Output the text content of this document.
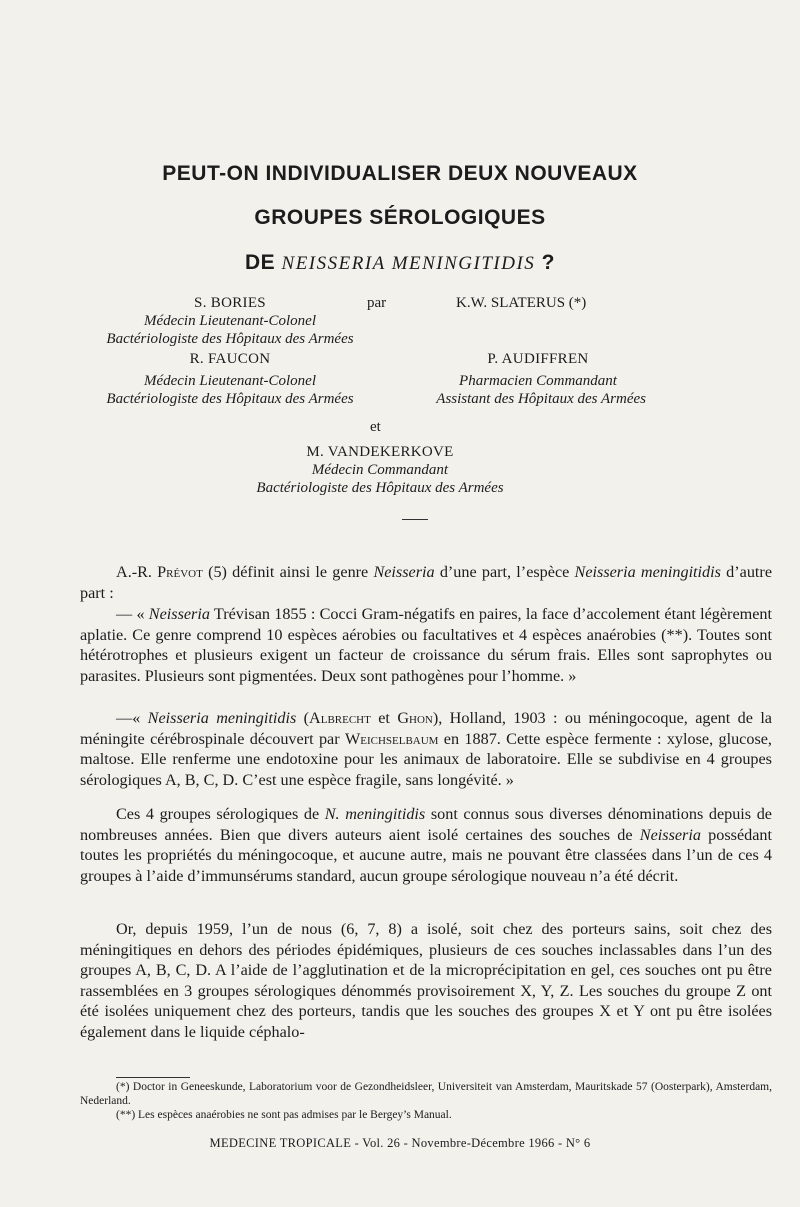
PEUT-ON INDIVIDUALISER DEUX NOUVEAUX
GROUPES SÉROLOGIQUES
DE NEISSERIA MENINGITIDIS ?
S. BORIES
Médecin Lieutenant-Colonel
Bactériologiste des Hôpitaux des Armées
par	K.W. SLATERUS (*)
R. FAUCON
Médecin Lieutenant-Colonel
Bactériologiste des Hôpitaux des Armées
P. AUDIFFREN
Pharmacien Commandant
Assistant des Hôpitaux des Armées
et
M. VANDEKERKOVE
Médecin Commandant
Bactériologiste des Hôpitaux des Armées

A.-R. Prévot (5) définit ainsi le genre Neisseria d’une part, l’espèce Neisseria meningitidis d’autre part :

— « Neisseria Trévisan 1855 : Cocci Gram-négatifs en paires, la face d’accolement étant légèrement aplatie. Ce genre comprend 10 espèces aérobies ou facultatives et 4 espèces anaérobies (**). Toutes sont hétérotrophes et plusieurs exigent un facteur de croissance du sérum frais. Elles sont saprophytes ou parasites. Plusieurs sont pigmentées. Deux sont pathogènes pour l’homme. »

—« Neisseria meningitidis (Albrecht et Ghon), Holland, 1903 : ou méningocoque, agent de la méningite cérébrospinale découvert par Weichselbaum en 1887. Cette espèce fermente : xylose, glucose, maltose. Elle renferme une endotoxine pour les animaux de laboratoire. Elle se subdivise en 4 groupes sérologiques A, B, C, D. C’est une espèce fragile, sans longévité. »

Ces 4 groupes sérologiques de N. meningitidis sont connus sous diverses dénominations depuis de nombreuses années. Bien que divers auteurs aient isolé certaines des souches de Neisseria possédant toutes les propriétés du méningocoque, et aucune autre, mais ne pouvant être classées dans l’un de ces 4 groupes à l’aide d’immunsérums standard, aucun groupe sérologique nouveau n’a été décrit.

Or, depuis 1959, l’un de nous (6, 7, 8) a isolé, soit chez des porteurs sains, soit chez des méningitiques en dehors des périodes épidémiques, plusieurs de ces souches inclassables dans l’un des groupes A, B, C, D. A l’aide de l’agglutination et de la microprécipitation en gel, ces souches ont pu être rassemblées en 3 groupes sérologiques dénommés provisoirement X, Y, Z. Les souches du groupe Z ont été isolées uniquement chez des porteurs, tandis que les souches des groupes X et Y ont pu être isolées également dans le liquide céphalo-

(*) Doctor in Geneeskunde, Laboratorium voor de Gezondheidsleer, Universiteit van Amsterdam, Mauritskade 57 (Oosterpark), Amsterdam, Nederland.

(**) Les espèces anaérobies ne sont pas admises par le Bergey’s Manual.

MEDECINE TROPICALE - Vol. 26 - Novembre-Décembre 1966 - N° 6
